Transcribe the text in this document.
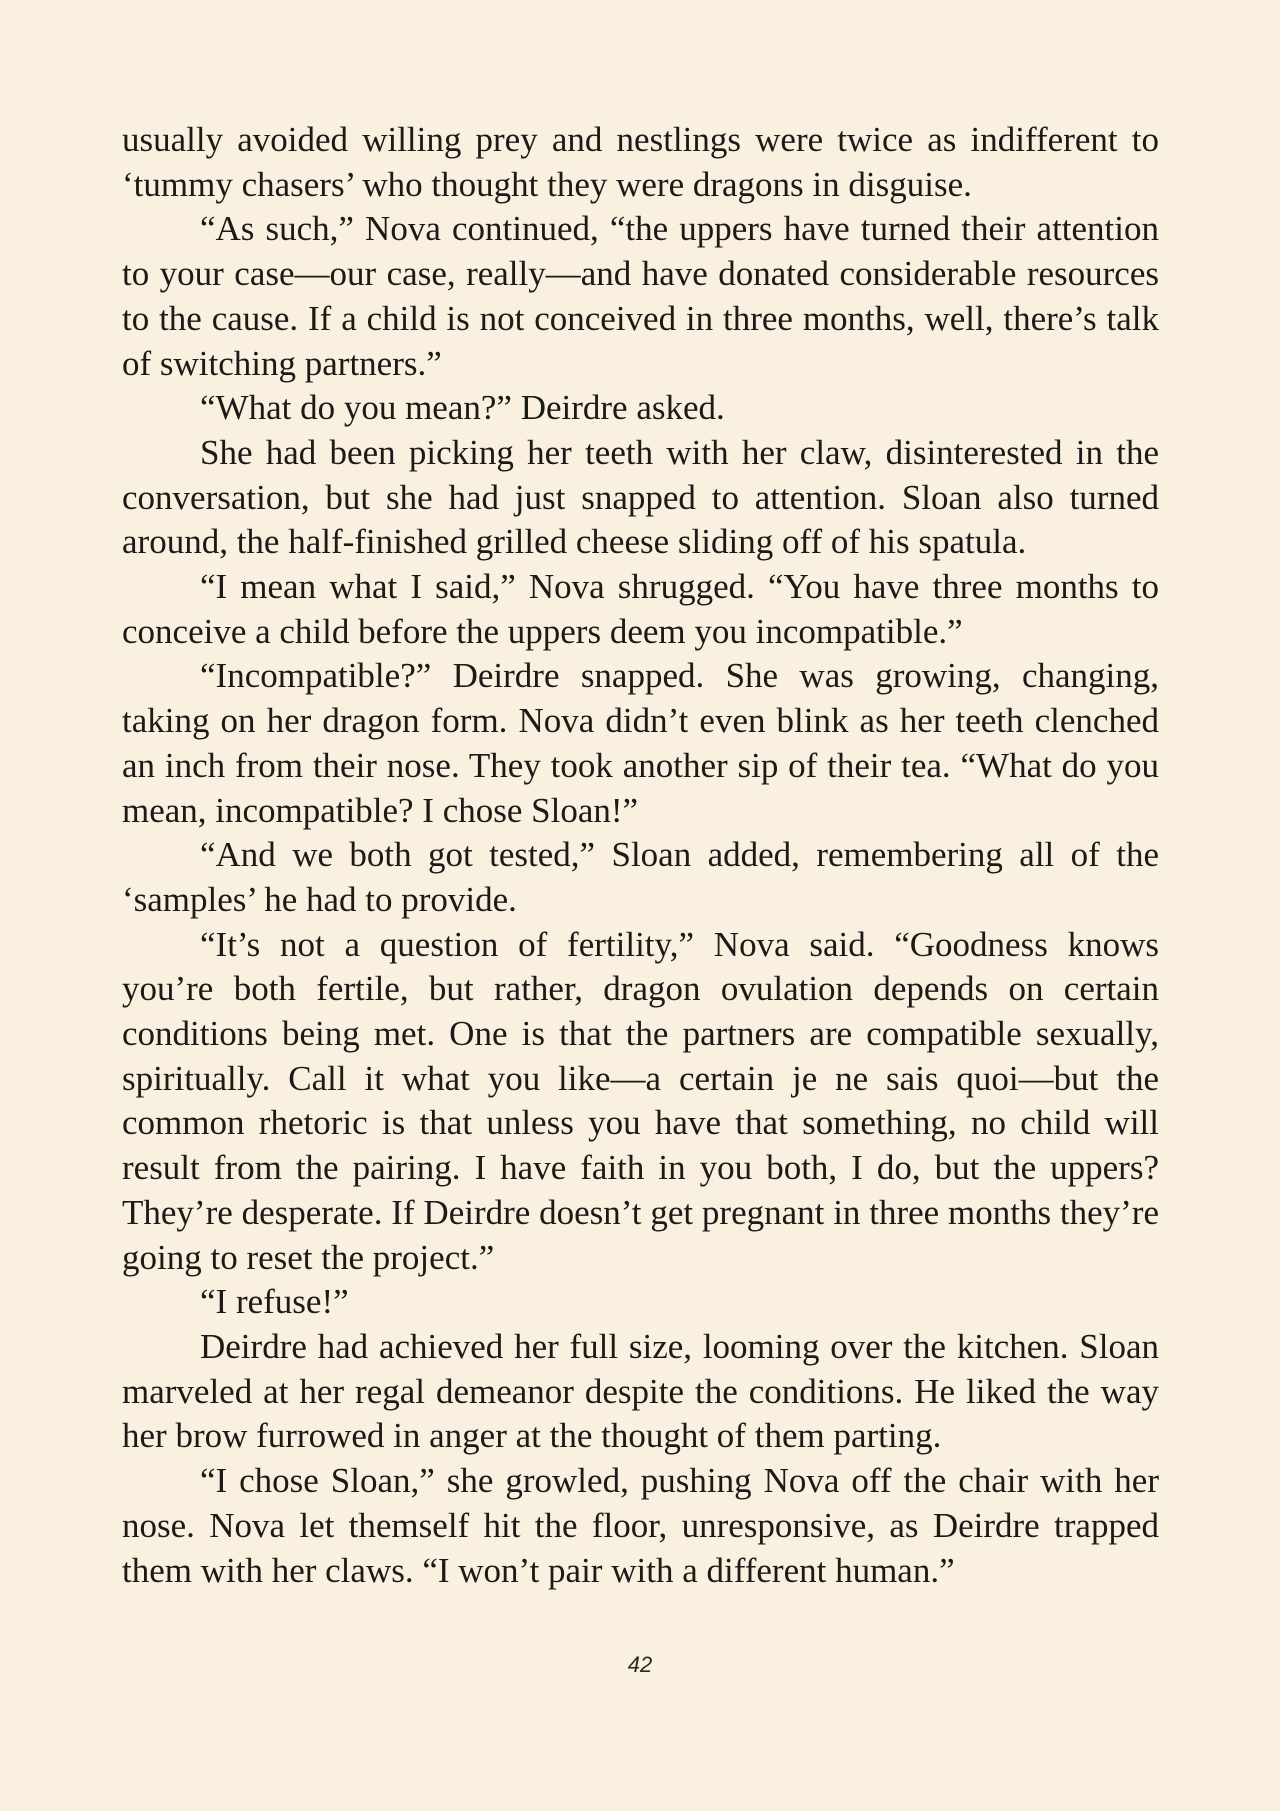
usually avoided willing prey and nestlings were twice as indifferent to ‘tummy chasers’ who thought they were dragons in disguise.

“As such,” Nova continued, “the uppers have turned their attention to your case—our case, really—and have donated considerable resources to the cause. If a child is not conceived in three months, well, there’s talk of switching partners.”

“What do you mean?” Deirdre asked.

She had been picking her teeth with her claw, disinterested in the conversation, but she had just snapped to attention. Sloan also turned around, the half-finished grilled cheese sliding off of his spatula.

“I mean what I said,” Nova shrugged. “You have three months to conceive a child before the uppers deem you incompatible.”

“Incompatible?” Deirdre snapped. She was growing, changing, taking on her dragon form. Nova didn’t even blink as her teeth clenched an inch from their nose. They took another sip of their tea. “What do you mean, incompatible? I chose Sloan!”

“And we both got tested,” Sloan added, remembering all of the ‘samples’ he had to provide.

“It’s not a question of fertility,” Nova said. “Goodness knows you’re both fertile, but rather, dragon ovulation depends on certain conditions being met. One is that the partners are compatible sexually, spiritually. Call it what you like—a certain je ne sais quoi—but the common rhetoric is that unless you have that something, no child will result from the pairing. I have faith in you both, I do, but the uppers? They’re desperate. If Deirdre doesn’t get pregnant in three months they’re going to reset the project.”

“I refuse!”

Deirdre had achieved her full size, looming over the kitchen. Sloan marveled at her regal demeanor despite the conditions. He liked the way her brow furrowed in anger at the thought of them parting.

“I chose Sloan,” she growled, pushing Nova off the chair with her nose. Nova let themself hit the floor, unresponsive, as Deirdre trapped them with her claws. “I won’t pair with a different human.”

42
